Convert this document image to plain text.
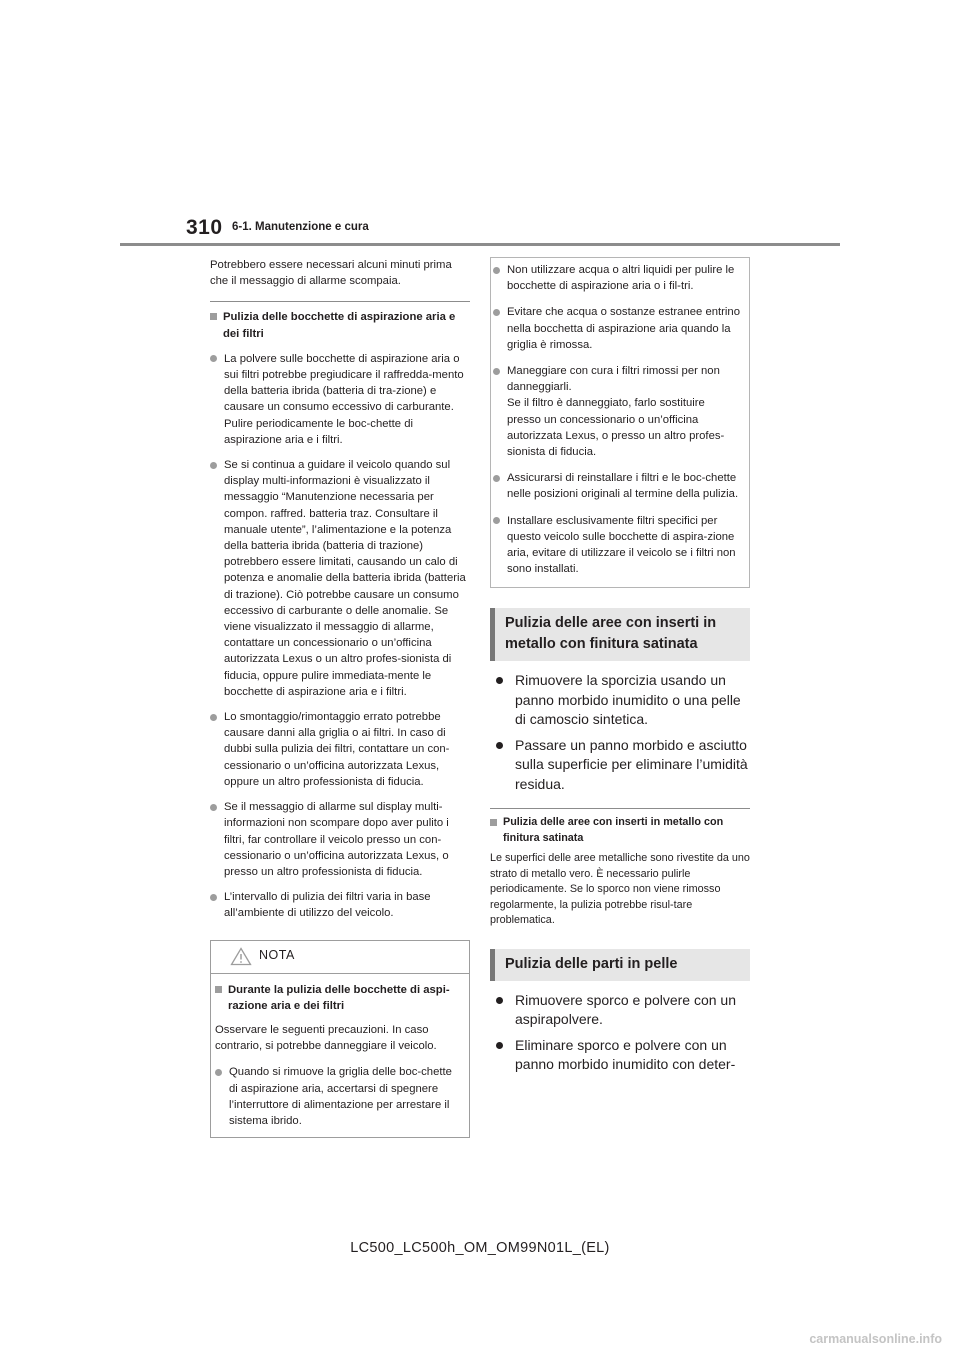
310 6-1. Manutenzione e cura

Potrebbero essere necessari alcuni minuti prima che il messaggio di allarme scompaia.

Pulizia delle bocchette di aspirazione aria e dei filtri
La polvere sulle bocchette di aspirazione aria o sui filtri potrebbe pregiudicare il raffredda-mento della batteria ibrida (batteria di tra-zione) e causare un consumo eccessivo di carburante. Pulire periodicamente le boc-chette di aspirazione aria e i filtri.
Se si continua a guidare il veicolo quando sul display multi-informazioni è visualizzato il messaggio “Manutenzione necessaria per compon. raffred. batteria traz. Consultare il manuale utente”, l’alimentazione e la potenza della batteria ibrida (batteria di trazione) potrebbero essere limitati, causando un calo di potenza e anomalie della batteria ibrida (batteria di trazione). Ciò potrebbe causare un consumo eccessivo di carburante o delle anomalie. Se viene visualizzato il messaggio di allarme, contattare un concessionario o un’officina autorizzata Lexus o un altro profes-sionista di fiducia, oppure pulire immediata-mente le bocchette di aspirazione aria e i filtri.
Lo smontaggio/rimontaggio errato potrebbe causare danni alla griglia o ai filtri. In caso di dubbi sulla pulizia dei filtri, contattare un con-cessionario o un’officina autorizzata Lexus, oppure un altro professionista di fiducia.
Se il messaggio di allarme sul display multi-informazioni non scompare dopo aver pulito i filtri, far controllare il veicolo presso un con-cessionario o un’officina autorizzata Lexus, o presso un altro professionista di fiducia.
L’intervallo di pulizia dei filtri varia in base all’ambiente di utilizzo del veicolo.
NOTA
Durante la pulizia delle bocchette di aspi-razione aria e dei filtri

Osservare le seguenti precauzioni. In caso contrario, si potrebbe danneggiare il veicolo.

Quando si rimuove la griglia delle boc-chette di aspirazione aria, accertarsi di spegnere l’interruttore di alimentazione per arrestare il sistema ibrido.
Non utilizzare acqua o altri liquidi per pulire le bocchette di aspirazione aria o i fil-tri.
Evitare che acqua o sostanze estranee entrino nella bocchetta di aspirazione aria quando la griglia è rimossa.
Maneggiare con cura i filtri rimossi per non danneggiarli.
Se il filtro è danneggiato, farlo sostituire presso un concessionario o un’officina autorizzata Lexus, o presso un altro profes-sionista di fiducia.
Assicurarsi di reinstallare i filtri e le boc-chette nelle posizioni originali al termine della pulizia.
Installare esclusivamente filtri specifici per questo veicolo sulle bocchette di aspira-zione aria, evitare di utilizzare il veicolo se i filtri non sono installati.
Pulizia delle aree con inserti in
metallo con finitura satinata
Rimuovere la sporcizia usando un panno morbido inumidito o una pelle di camoscio sintetica.
Passare un panno morbido e asciutto sulla superficie per eliminare l’umidità residua.
Pulizia delle aree con inserti in metallo con finitura satinata

Le superfici delle aree metalliche sono rivestite da uno strato di metallo vero. È necessario pulirle periodicamente. Se lo sporco non viene rimosso regolarmente, la pulizia potrebbe risul-tare problematica.

Pulizia delle parti in pelle
Rimuovere sporco e polvere con un aspirapolvere.
Eliminare sporco e polvere con un panno morbido inumidito con deter-
LC500_LC500h_OM_OM99N01L_(EL)
carmanualsonline.info
